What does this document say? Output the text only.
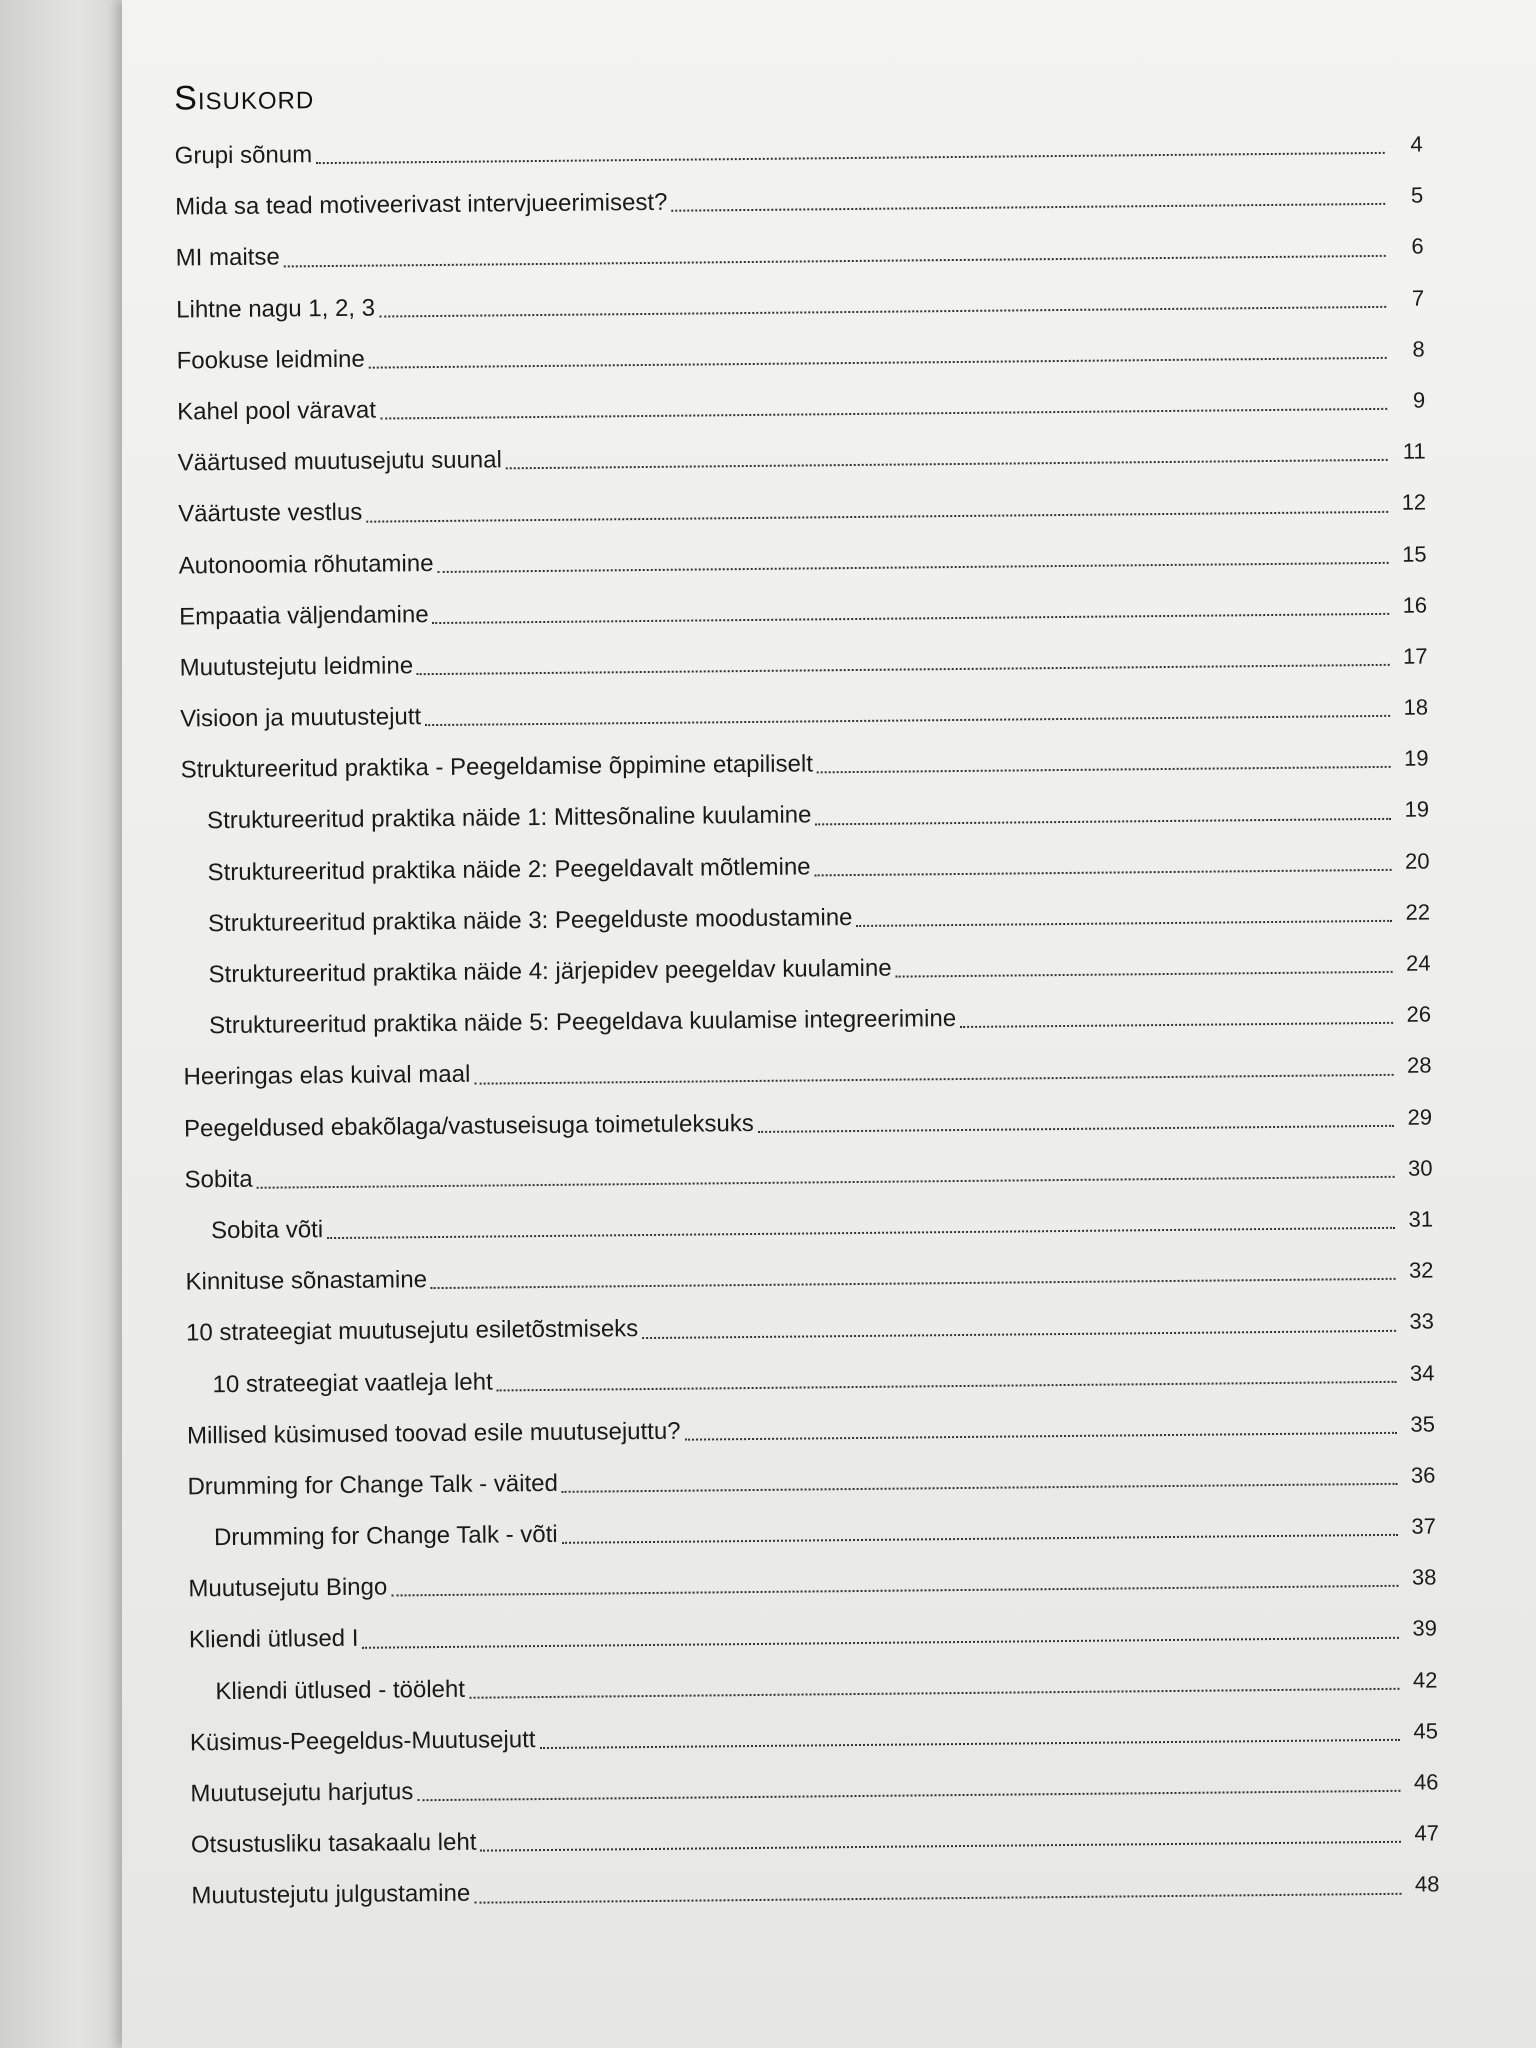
Sisukord
Grupi sõnum	4
Mida sa tead motiveerivast intervjueerimisest?	5
MI maitse	6
Lihtne nagu 1, 2, 3	7
Fookuse leidmine	8
Kahel pool väravat	9
Väärtused muutusejutu suunal	11
Väärtuste vestlus	12
Autonoomia rõhutamine	15
Empaatia väljendamine	16
Muutustejutu leidmine	17
Visioon ja muutustejutt	18
Struktureeritud praktika - Peegeldamise õppimine etapiliselt	19
Struktureeritud praktika näide 1: Mittesõnaline kuulamine	19
Struktureeritud praktika näide 2: Peegeldavalt mõtlemine	20
Struktureeritud praktika näide 3: Peegelduste moodustamine	22
Struktureeritud praktika näide 4: järjepidev peegeldav kuulamine	24
Struktureeritud praktika näide 5: Peegeldava kuulamise integreerimine	26
Heeringas elas kuival maal	28
Peegeldused ebakõlaga/vastuseisuga toimetuleksuks	29
Sobita	30
Sobita võti	31
Kinnituse sõnastamine	32
10 strateegiat muutusejutu esiletõstmiseks	33
10 strateegiat vaatleja leht	34
Millised küsimused toovad esile muutusejuttu?	35
Drumming for Change Talk - väited	36
Drumming for Change Talk - võti	37
Muutusejutu Bingo	38
Kliendi ütlused I	39
Kliendi ütlused - tööleht	42
Küsimus-Peegeldus-Muutusejutt	45
Muutusejutu harjutus	46
Otsustusliku tasakaalu leht	47
Muutustejutu julgustamine	48
